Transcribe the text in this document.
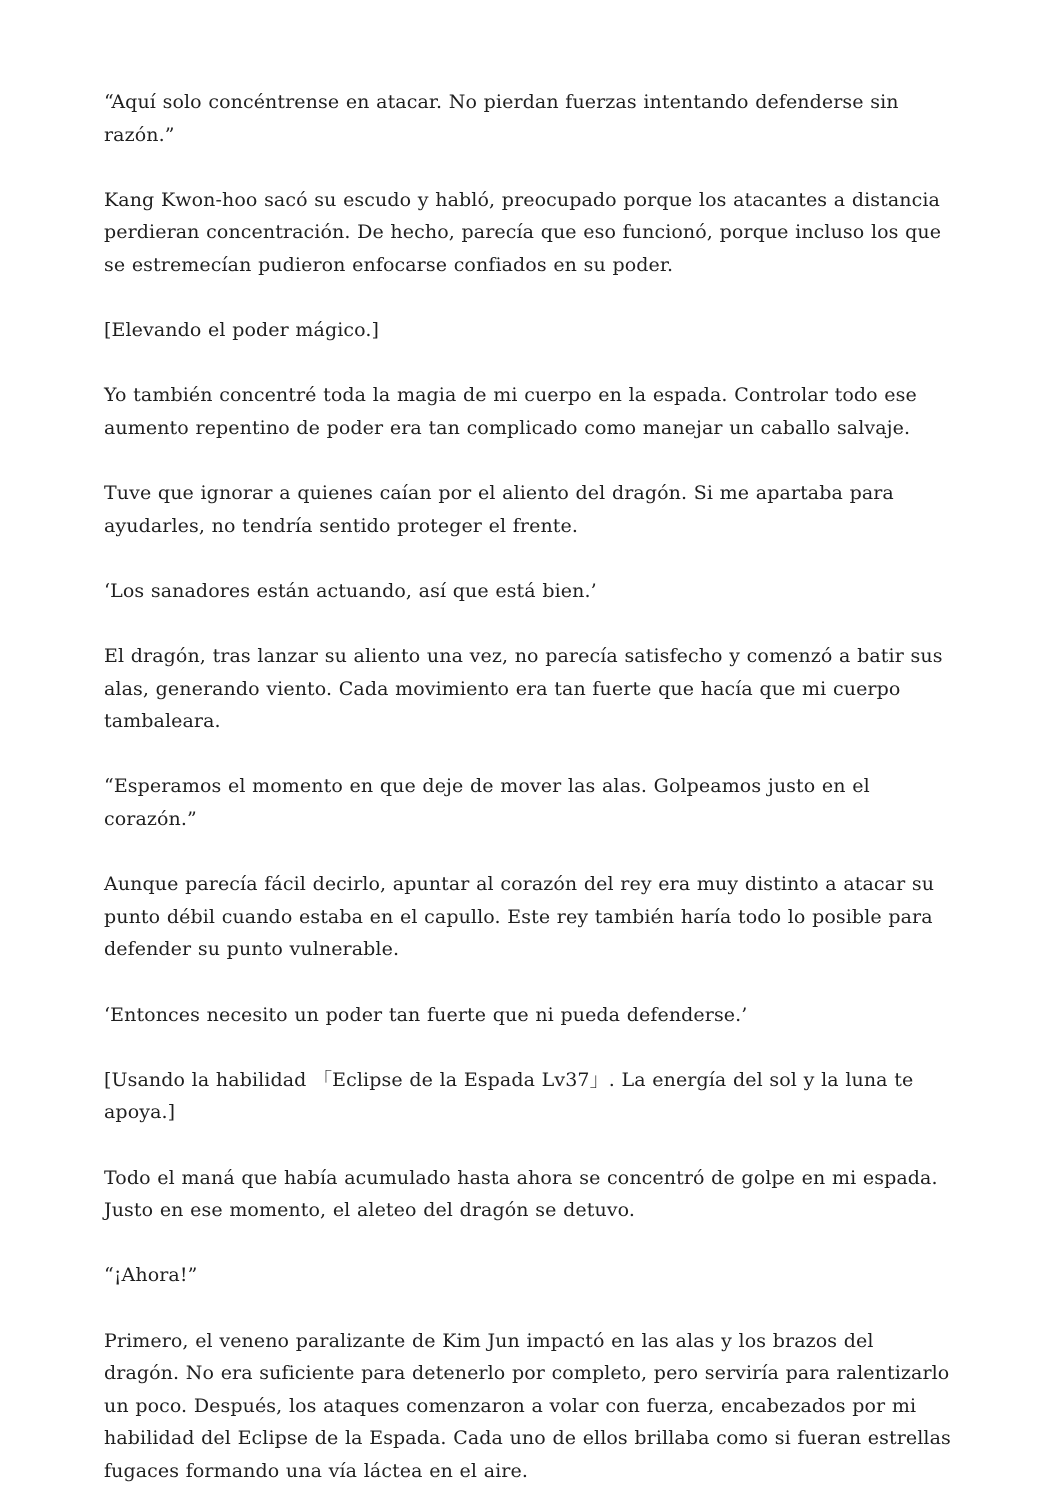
“Aquí solo concéntrense en atacar. No pierdan fuerzas intentando defenderse sin razón.”

Kang Kwon-hoo sacó su escudo y habló, preocupado porque los atacantes a distancia perdieran concentración. De hecho, parecía que eso funcionó, porque incluso los que se estremecían pudieron enfocarse confiados en su poder.

[Elevando el poder mágico.]

Yo también concentré toda la magia de mi cuerpo en la espada. Controlar todo ese aumento repentino de poder era tan complicado como manejar un caballo salvaje.

Tuve que ignorar a quienes caían por el aliento del dragón. Si me apartaba para ayudarles, no tendría sentido proteger el frente.

‘Los sanadores están actuando, así que está bien.’

El dragón, tras lanzar su aliento una vez, no parecía satisfecho y comenzó a batir sus alas, generando viento. Cada movimiento era tan fuerte que hacía que mi cuerpo tambaleara.

“Esperamos el momento en que deje de mover las alas. Golpeamos justo en el corazón.”

Aunque parecía fácil decirlo, apuntar al corazón del rey era muy distinto a atacar su punto débil cuando estaba en el capullo. Este rey también haría todo lo posible para defender su punto vulnerable.

‘Entonces necesito un poder tan fuerte que ni pueda defenderse.’

[Usando la habilidad 「Eclipse de la Espada Lv37」. La energía del sol y la luna te apoya.]

Todo el maná que había acumulado hasta ahora se concentró de golpe en mi espada. Justo en ese momento, el aleteo del dragón se detuvo.

“¡Ahora!”

Primero, el veneno paralizante de Kim Jun impactó en las alas y los brazos del dragón. No era suficiente para detenerlo por completo, pero serviría para ralentizarlo un poco. Después, los ataques comenzaron a volar con fuerza, encabezados por mi habilidad del Eclipse de la Espada. Cada uno de ellos brillaba como si fueran estrellas fugaces formando una vía láctea en el aire.
